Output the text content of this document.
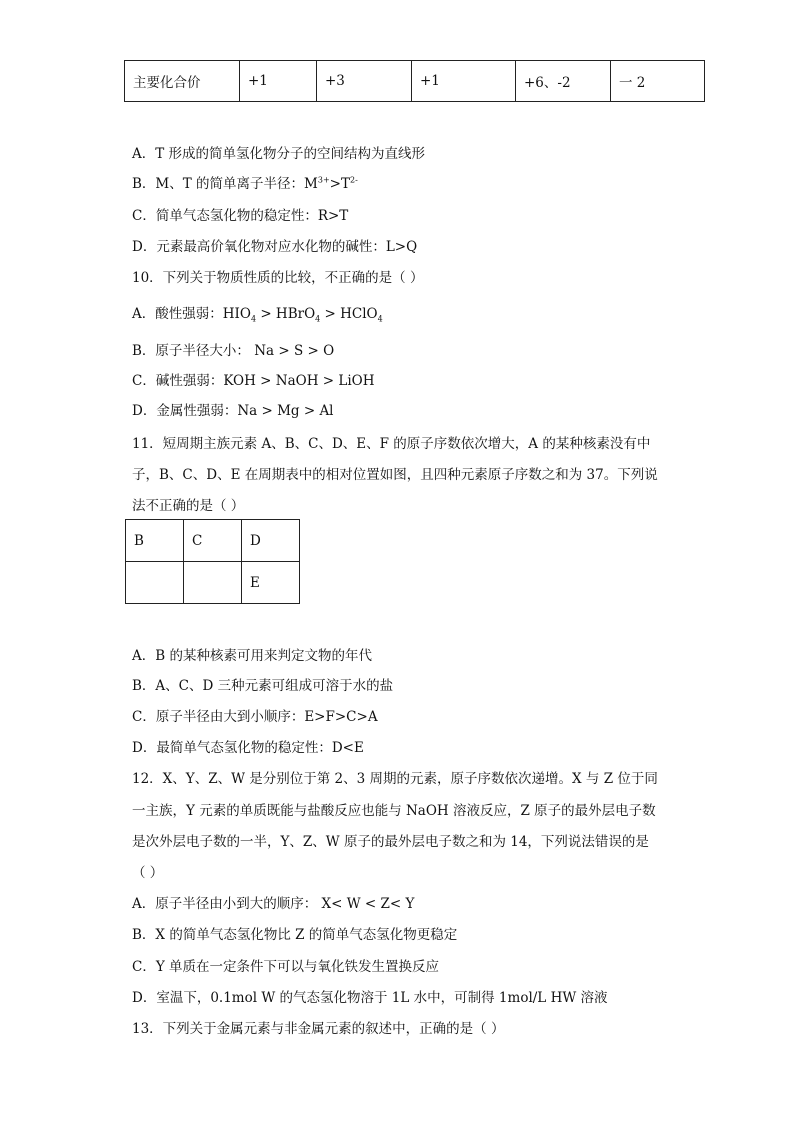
主要化合价	+1	+3	+1	+6、-2	一 2
A．T 形成的简单氢化物分子的空间结构为直线形
B．M、T 的简单离子半径：$M^{3+}>T^{2-}$
C．简单气态氢化物的稳定性：R>T
D．元素最高价氧化物对应水化物的碱性：L>Q
10．下列关于物质性质的比较，不正确的是（ ）
A．酸性强弱：$HIO_4$ > HBrO$_4$ > HClO$_4$
B．原子半径大小： Na > S > O
C．碱性强弱：KOH > NaOH > LiOH
D．金属性强弱：Na > Mg > Al
11．短周期主族元素 A、B、C、D、E、F 的原子序数依次增大，A 的某种核素没有中
子，B、C、D、E 在周期表中的相对位置如图，且四种元素原子序数之和为 37。下列说
法不正确的是（ ）
B	C	D
		E
A．B 的某种核素可用来判定文物的年代
B．A、C、D 三种元素可组成可溶于水的盐
C．原子半径由大到小顺序：E>F>C>A
D．最简单气态氢化物的稳定性：D<E
12．X、Y、Z、W 是分别位于第 2、3 周期的元素，原子序数依次递增。X 与 Z 位于同
一主族，Y 元素的单质既能与盐酸反应也能与 NaOH 溶液反应，Z 原子的最外层电子数
是次外层电子数的一半，Y、Z、W 原子的最外层电子数之和为 14，下列说法错误的是
（ ）
A．原子半径由小到大的顺序： X< W < Z< Y
B．X 的简单气态氢化物比 Z 的简单气态氢化物更稳定
C．Y 单质在一定条件下可以与氧化铁发生置换反应
D．室温下，0.1mol W 的气态氢化物溶于 1L 水中，可制得 1mol/L HW 溶液
13．下列关于金属元素与非金属元素的叙述中，正确的是（ ）
